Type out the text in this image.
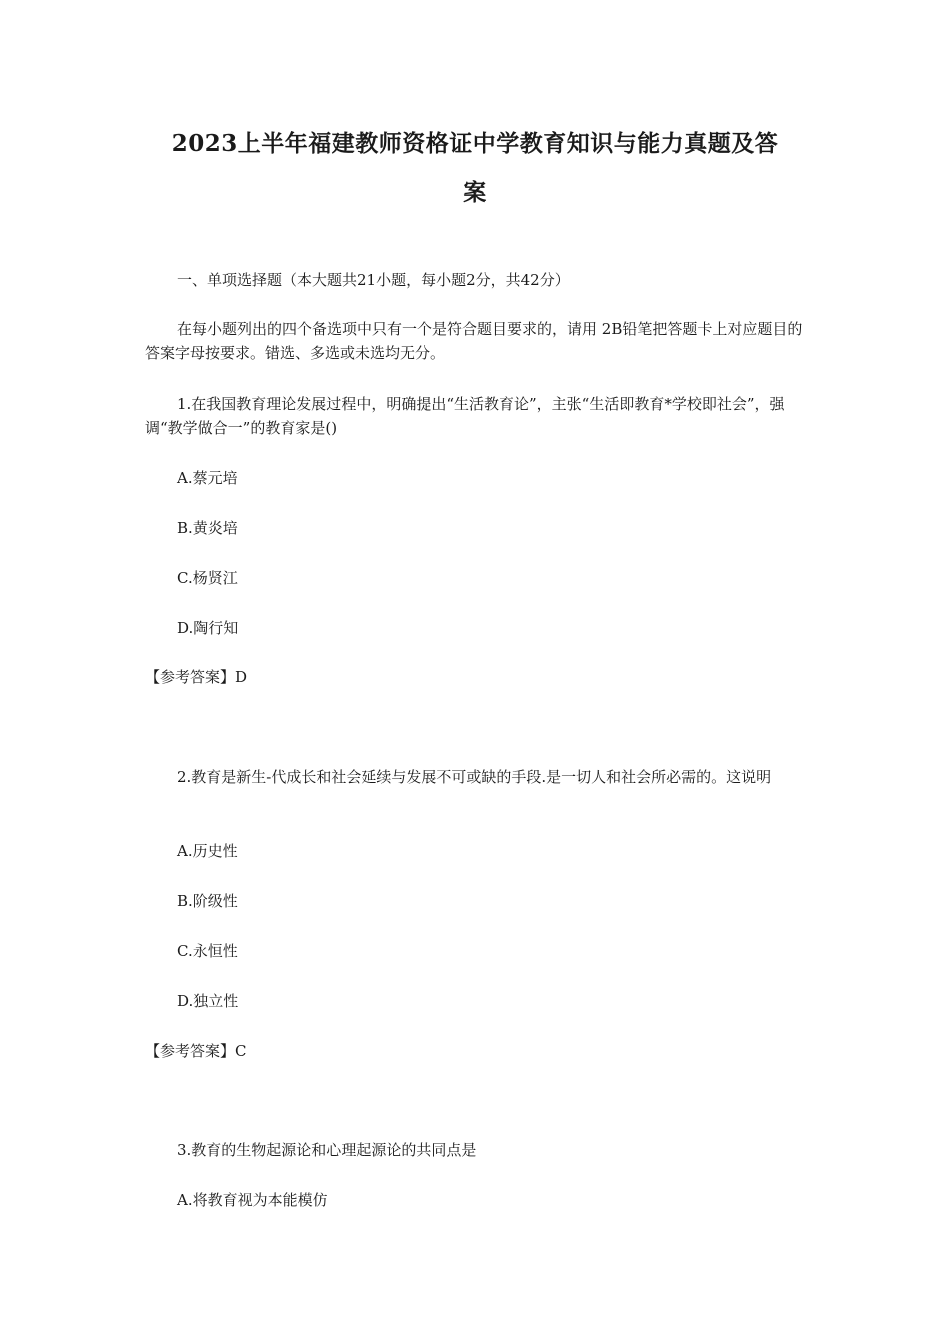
2023上半年福建教师资格证中学教育知识与能力真题及答
案
一、单项选择题（本大题共21小题，每小题2分，共42分）
在每小题列出的四个备选项中只有一个是符合题目要求的，请用 2B铅笔把答题卡上对应题目的答案字母按要求。错选、多选或未选均无分。
1.在我国教育理论发展过程中，明确提出“生活教育论”，主张“生活即教育*学校即社会”，强调“教学做合一”的教育家是()
A.蔡元培
B.黄炎培
C.杨贤江
D.陶行知
【参考答案】D
2.教育是新生-代成长和社会延续与发展不可或缺的手段.是一切人和社会所必需的。这说明
A.历史性
B.阶级性
C.永恒性
D.独立性
【参考答案】C
3.教育的生物起源论和心理起源论的共同点是
A.将教育视为本能模仿
